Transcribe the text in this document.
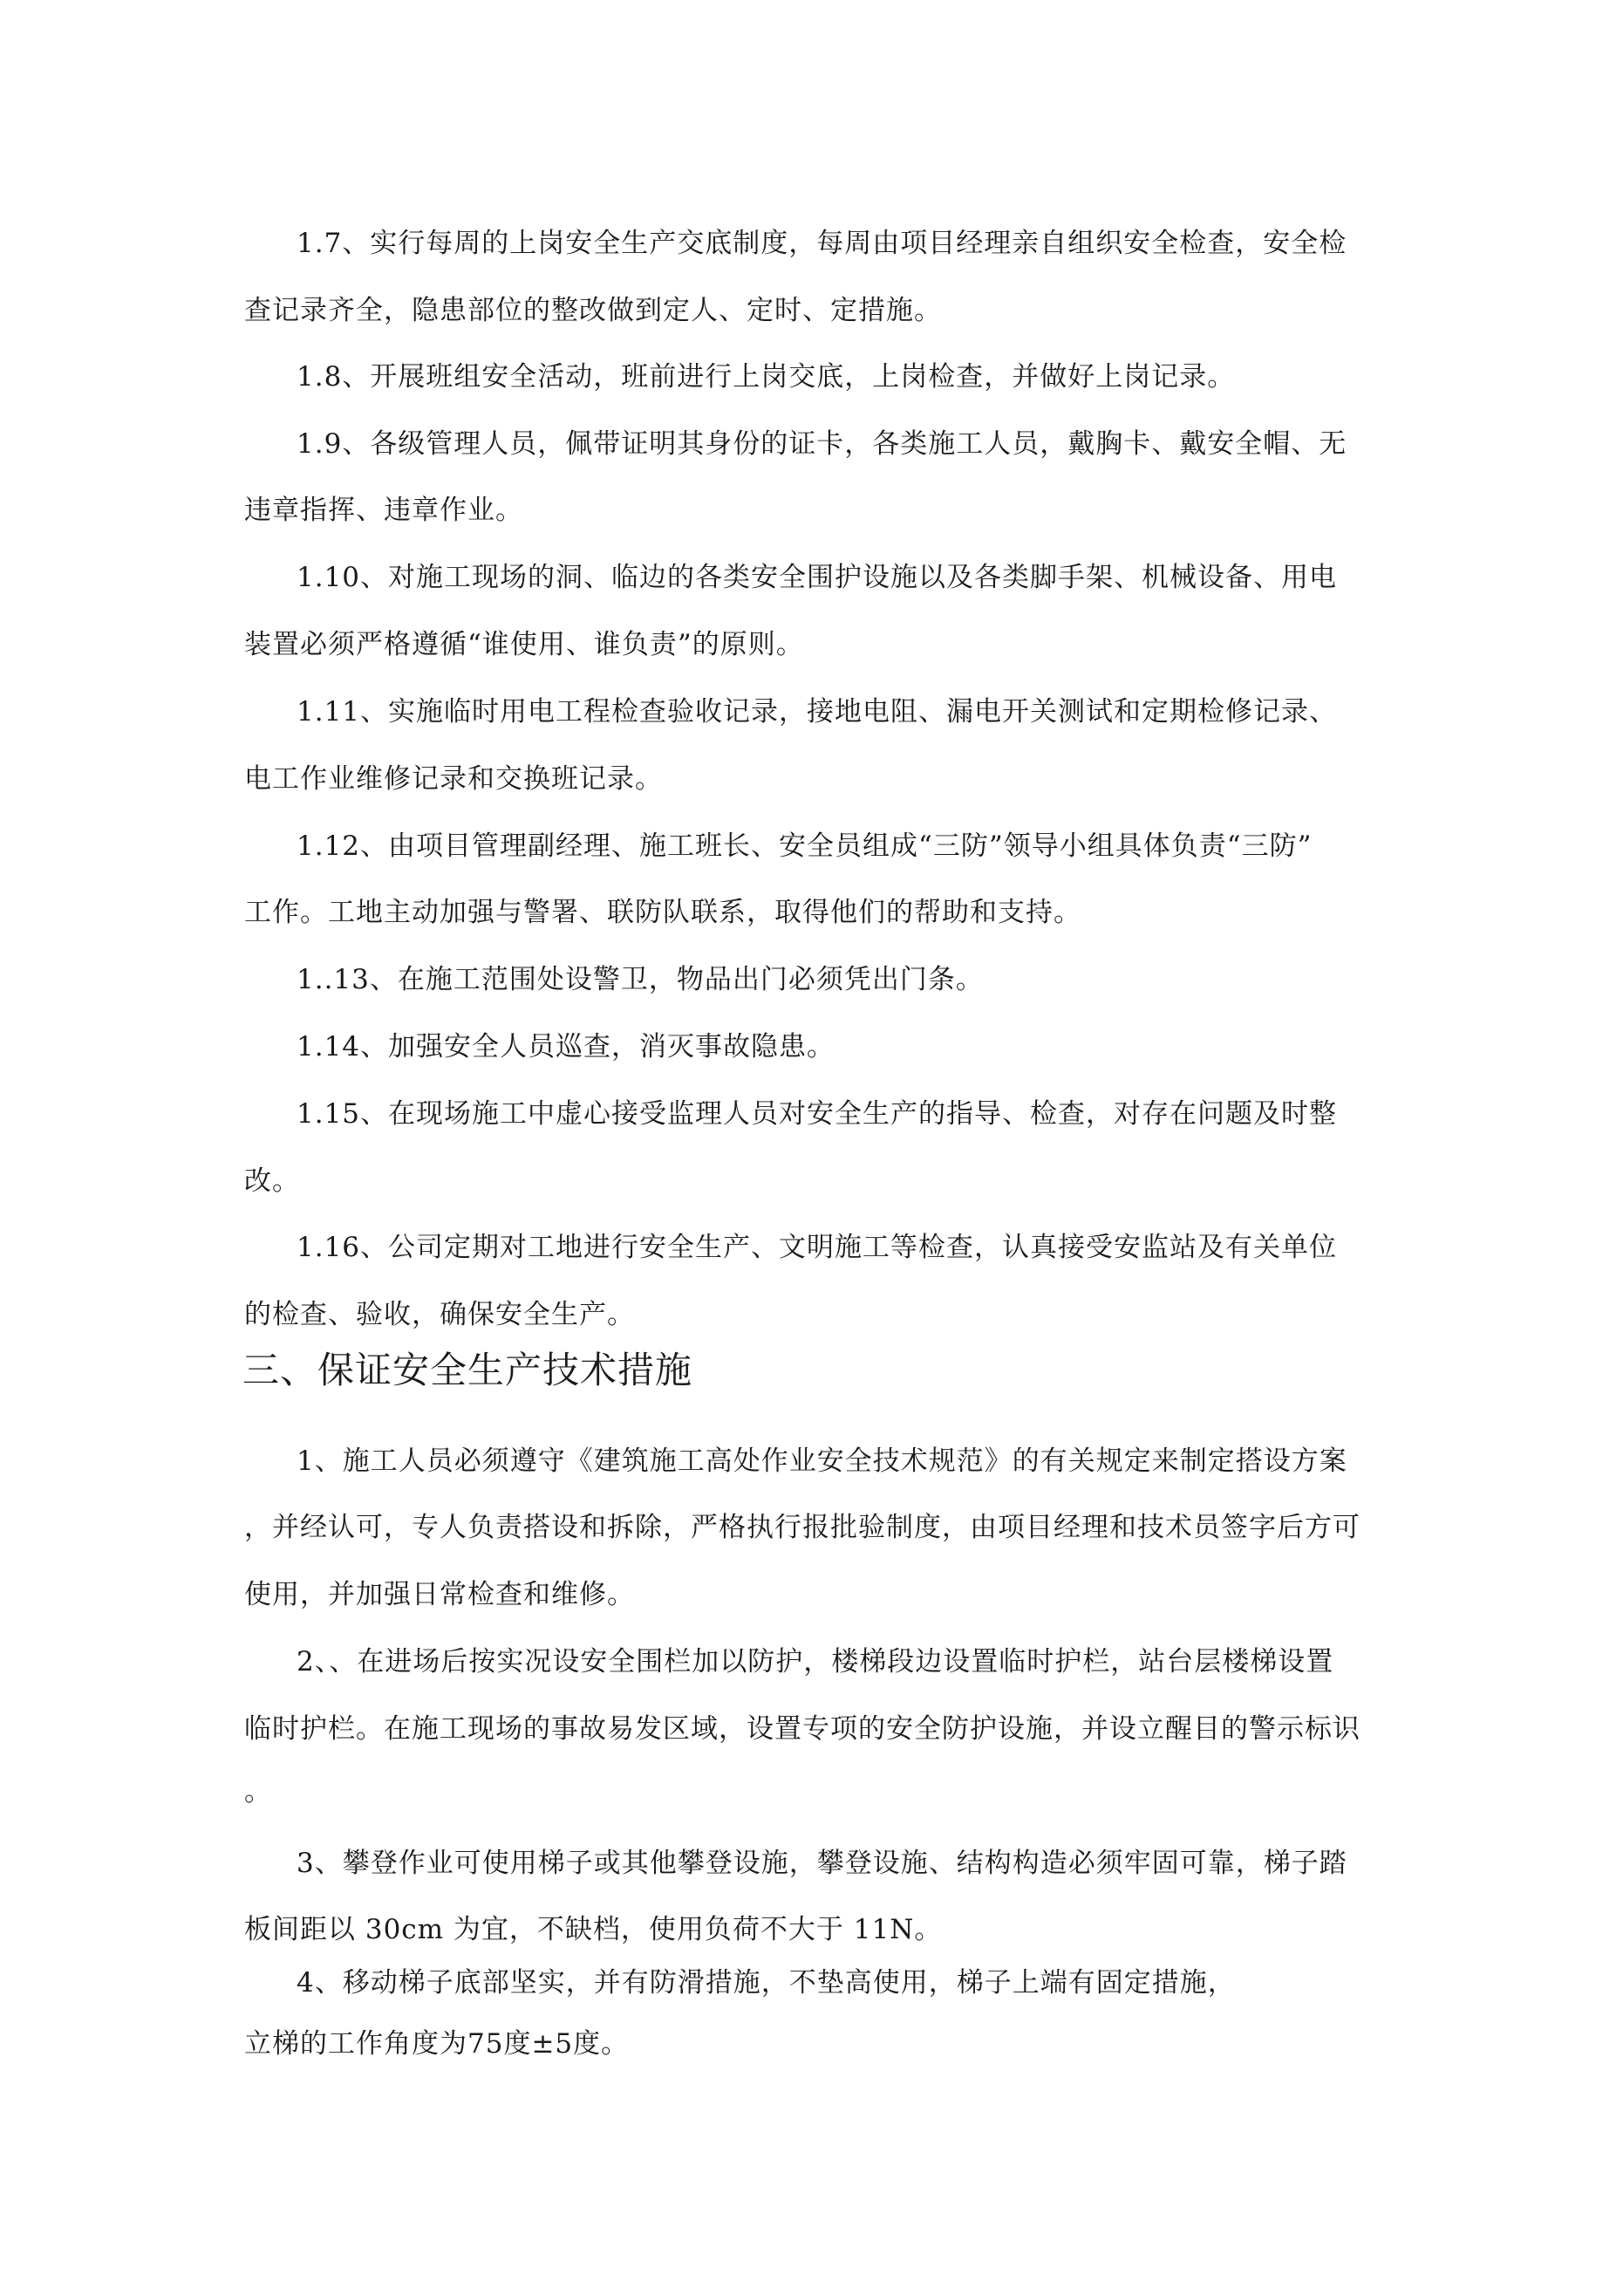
1.7、实行每周的上岗安全生产交底制度，每周由项目经理亲自组织安全检查，安全检
查记录齐全，隐患部位的整改做到定人、定时、定措施。
1.8、开展班组安全活动，班前进行上岗交底，上岗检查，并做好上岗记录。
1.9、各级管理人员，佩带证明其身份的证卡，各类施工人员，戴胸卡、戴安全帽、无
违章指挥、违章作业。
1.10、对施工现场的洞、临边的各类安全围护设施以及各类脚手架、机械设备、用电
装置必须严格遵循“谁使用、谁负责”的原则。
1.11、实施临时用电工程检查验收记录，接地电阻、漏电开关测试和定期检修记录、
电工作业维修记录和交换班记录。
1.12、由项目管理副经理、施工班长、安全员组成“三防”领导小组具体负责“三防”
工作。工地主动加强与警署、联防队联系，取得他们的帮助和支持。
1..13、在施工范围处设警卫，物品出门必须凭出门条。
1.14、加强安全人员巡查，消灭事故隐患。
1.15、在现场施工中虚心接受监理人员对安全生产的指导、检查，对存在问题及时整
改。
1.16、公司定期对工地进行安全生产、文明施工等检查，认真接受安监站及有关单位
的检查、验收，确保安全生产。
三、保证安全生产技术措施
1、施工人员必须遵守《建筑施工高处作业安全技术规范》的有关规定来制定搭设方案
，并经认可，专人负责搭设和拆除，严格执行报批验制度，由项目经理和技术员签字后方可
使用，并加强日常检查和维修。
2、、在进场后按实况设安全围栏加以防护，楼梯段边设置临时护栏，站台层楼梯设置
临时护栏。在施工现场的事故易发区域，设置专项的安全防护设施，并设立醒目的警示标识
。
3、攀登作业可使用梯子或其他攀登设施，攀登设施、结构构造必须牢固可靠，梯子踏
板间距以 30cm 为宜，不缺档，使用负荷不大于 11N。
4、移动梯子底部坚实，并有防滑措施，不垫高使用，梯子上端有固定措施，
立梯的工作角度为75度±5度。
